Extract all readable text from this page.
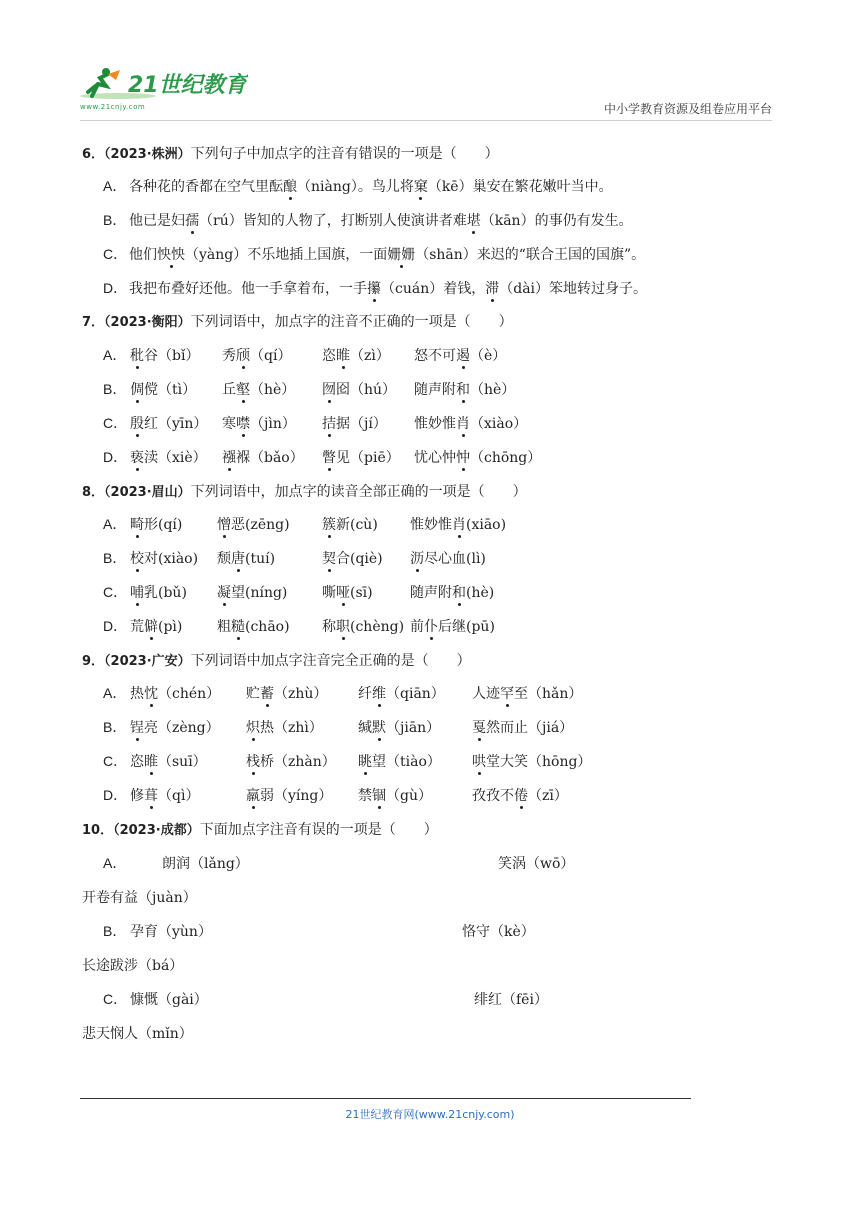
21世纪教育
www.21cnjy.com	中小学教育资源及组卷应用平台
6．（2023·株洲）下列句子中加点字的注音有错误的一项是（　　）
A． 各种花的香都在空气里酝酿（niàng）。鸟儿将窠（kē）巢安在繁花嫩叶当中。
B． 他已是妇孺（rú）皆知的人物了，打断别人使演讲者难堪（kān）的事仍有发生。
C． 他们怏怏（yàng）不乐地插上国旗，一面姗姗（shān）来迟的“联合王国的国旗”。
D． 我把布叠好还他。他一手拿着布，一手攥（cuán）着钱，滞（dài）笨地转过身子。
7．（2023·衡阳）下列词语中，加点字的注音不正确的一项是（　　）
A． 秕谷（bǐ） 秀颀（qí） 恣睢（zì） 怒不可遏（è）
B． 倜傥（tì） 丘壑（hè） 囫囵（hú） 随声附和（hè）
C． 殷红（yīn） 寒噤（jìn） 拮据（jí） 惟妙惟肖（xiào）
D． 亵渎（xiè） 襁褓（bǎo） 瞥见（piē） 忧心忡忡（chōng）
8．（2023·眉山）下列词语中，加点字的读音全部正确的一项是（　　）
A． 畸形(qí) 憎恶(zēng) 簇新(cù) 惟妙惟肖(xiāo)
B． 校对(xiào) 颓唐(tuí)	契合(qiè) 沥尽心血(lì)
C． 哺乳(bǔ) 凝望(níng) 嘶哑(sī)	随声附和(hè)
D． 荒僻(pì) 粗糙(chāo) 称职(chèng) 前仆后继(pū)
9．（2023·广安）下列词语中加点字注音完全正确的是（　　）
A． 热忱（chén） 贮蓄（zhù） 纤维（qiān） 人迹罕至（hǎn）
B． 锃亮（zèng） 炽热（zhì）	缄默（jiān） 戛然而止（jiá）
C． 恣睢（suī）	栈桥（zhàn） 眺望（tiào） 哄堂大笑（hōng）
D． 修葺（qì）	羸弱（yíng） 禁锢（gù）	孜孜不倦（zī）
10．（2023·成都）下面加点字注音有误的一项是（　　）
A．	朗润（lǎng）	笑涡（wō）
开卷有益（juàn）
B． 孕育（yùn）	恪守（kè）
长途跋涉（bá）
C． 慷慨（gài）	绯红（fēi）
悲天悯人（mǐn）
21世纪教育网(www.21cnjy.com)
